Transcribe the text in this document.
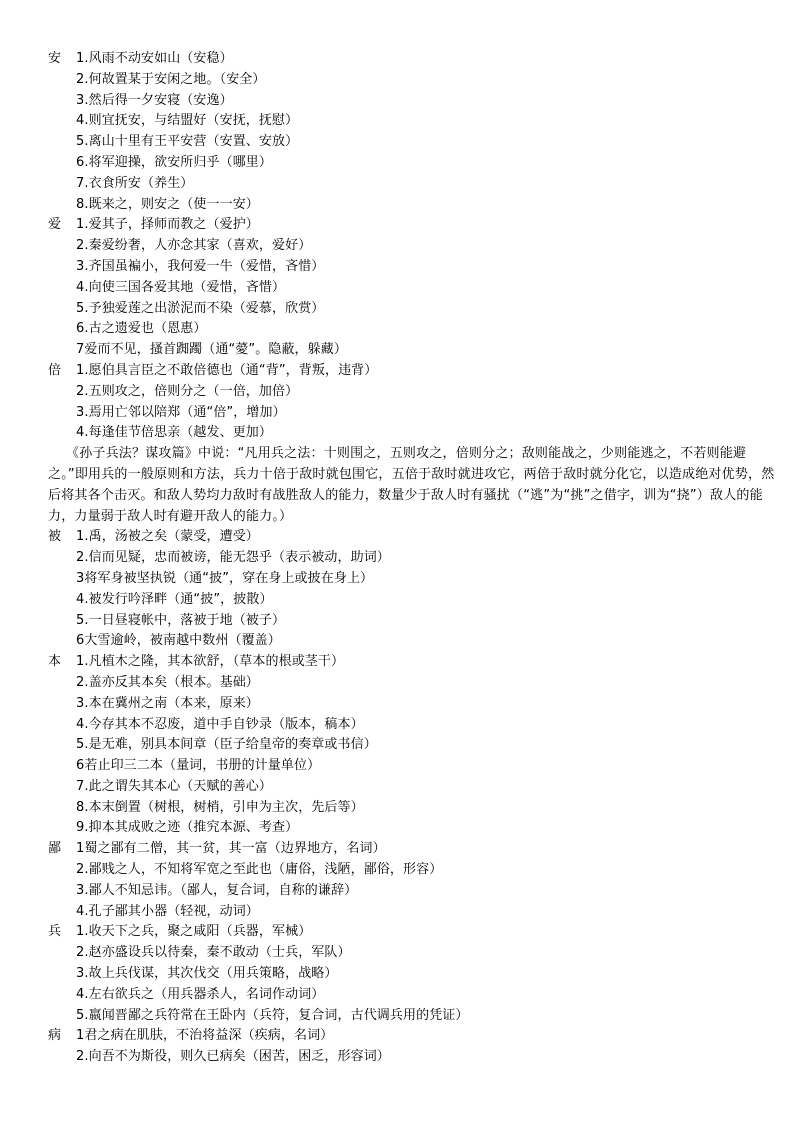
安	1.风雨不动安如山（安稳）
2.何故置某于安闲之地。（安全）
3.然后得一夕安寝（安逸）
4.则宜抚安，与结盟好（安抚，抚慰）
5.离山十里有王平安营（安置、安放）
6.将军迎操，欲安所归乎（哪里）
7.衣食所安（养生）
8.既来之，则安之（使一一安）
爱	1.爱其子，择师而教之（爱护）
2.秦爱纷奢，人亦念其家（喜欢，爱好）
3.齐国虽褊小，我何爱一牛（爱惜，吝惜）
4.向使三国各爱其地（爱惜，吝惜）
5.予独爱莲之出淤泥而不染（爱慕，欣赏）
6.古之遗爱也（恩惠）
7爱而不见，搔首踟躅（通“薆”。隐蔽，躲藏）
倍	1.愿伯具言臣之不敢倍德也（通“背”，背叛，违背）
2.五则攻之，倍则分之（一倍，加倍）
3.焉用亡邻以陪郑（通“倍”，增加）
4.每逢佳节倍思亲（越发、更加）
《孙子兵法？谋攻篇》中说：“凡用兵之法：十则围之，五则攻之，倍则分之；敌则能战之，少则能逃之，不若则能避之。”即用兵的一般原则和方法，兵力十倍于敌时就包围它，五倍于敌时就进攻它，两倍于敌时就分化它，以造成绝对优势，然后将其各个击灭。和敌人势均力敌时有战胜敌人的能力，数量少于敌人时有骚扰（“逃”为“挑”之借字，训为“挠”）敌人的能力，力量弱于敌人时有避开敌人的能力。）
被	1.禹，汤被之矣（蒙受，遭受）
2.信而见疑，忠而被谤，能无怨乎（表示被动，助词）
3将军身被坚执锐（通“披”，穿在身上或披在身上）
4.被发行吟泽畔（通“披”，披散）
5.一日昼寝帐中，落被于地（被子）
6大雪逾岭，被南越中数州（覆盖）
本	1.凡植木之隆，其本欲舒，（草本的根或茎干）
2.盖亦反其本矣（根本。基础）
3.本在冀州之南（本来，原来）
4.今存其本不忍废，道中手自钞录（版本，稿本）
5.是无难，别具本间章（臣子给皇帝的奏章或书信）
6若止印三二本（量词，书册的计量单位）
7.此之谓失其本心（天赋的善心）
8.本末倒置（树根，树梢，引申为主次，先后等）
9.抑本其成败之迹（推究本源、考查）
鄙	1蜀之鄙有二僧，其一贫，其一富（边界地方，名词）
2.鄙贱之人，不知将军宽之至此也（庸俗，浅陋，鄙俗，形容）
3.鄙人不知忌讳。（鄙人，复合词，自称的谦辞）
4.孔子鄙其小器（轻视，动词）
兵	1.收天下之兵，聚之咸阳（兵器，军械）
2.赵亦盛设兵以待秦，秦不敢动（士兵，军队）
3.故上兵伐谋，其次伐交（用兵策略，战略）
4.左右欲兵之（用兵器杀人，名词作动词）
5.嬴闻晋鄙之兵符常在王卧内（兵符，复合词，古代调兵用的凭证）
病	1君之病在肌肤，不治将益深（疾病，名词）
2.向吾不为斯役，则久已病矣（困苦，困乏，形容词）
